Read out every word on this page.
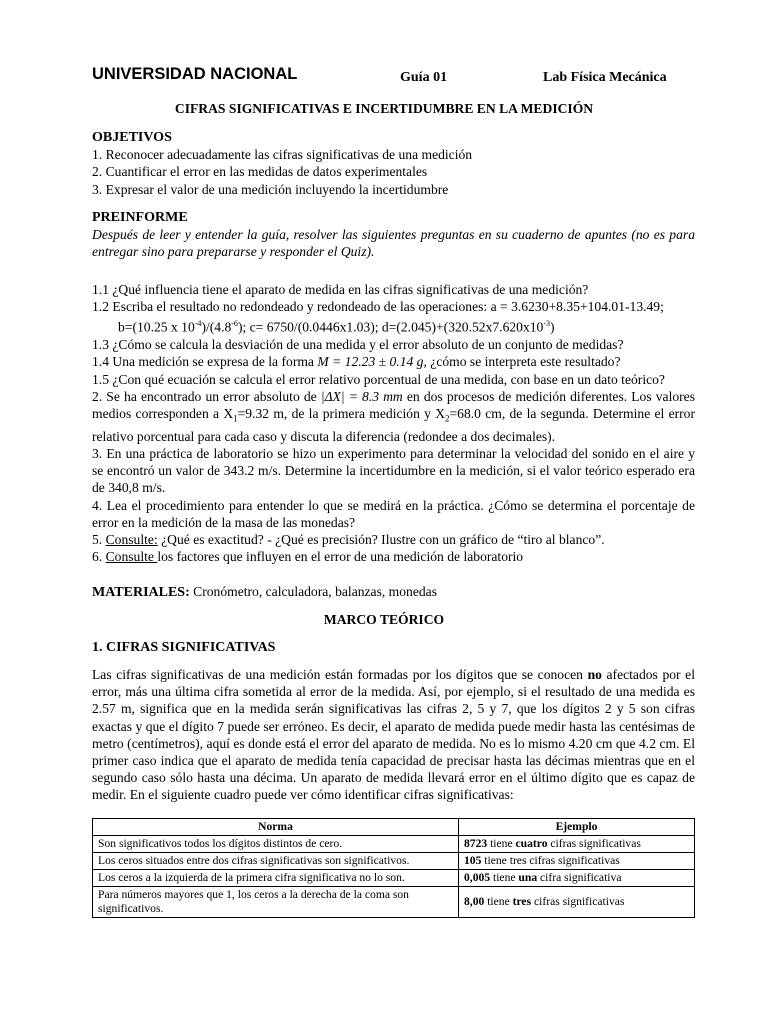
UNIVERSIDAD NACIONAL	Guía 01	Lab Física Mecánica
CIFRAS SIGNIFICATIVAS E INCERTIDUMBRE EN LA MEDICIÓN
OBJETIVOS
1. Reconocer adecuadamente las cifras significativas de una medición
2. Cuantificar el error en las medidas de datos experimentales
3. Expresar el valor de una medición incluyendo la incertidumbre
PREINFORME
Después de leer y entender la guía, resolver las siguientes preguntas en su cuaderno de apuntes (no es para entregar sino para prepararse y responder el Quiz).
1.1 ¿Qué influencia tiene el aparato de medida en las cifras significativas de una medición?
1.2 Escriba el resultado no redondeado y redondeado de las operaciones: a = 3.6230+8.35+104.01-13.49;
b=(10.25 x $10^{-4})/(4.8^{-6})$; c= 6750/(0.0446x1.03); $d=(2.045)+(320.52x7.620x10^{-3})$
1.3 ¿Cómo se calcula la desviación de una medida y el error absoluto de un conjunto de medidas?
1.4 Una medición se expresa de la forma M = 12.23 ± 0.14 g, ¿cómo se interpreta este resultado?
1.5 ¿Con qué ecuación se calcula el error relativo porcentual de una medida, con base en un dato teórico?
2. Se ha encontrado un error absoluto de |ΔX| = 8.3 mm en dos procesos de medición diferentes. Los valores medios corresponden a $X_1=9.32$ m, de la primera medición y $X_2=68.0$ cm, de la segunda. Determine el error relativo porcentual para cada caso y discuta la diferencia (redondee a dos decimales).
3. En una práctica de laboratorio se hizo un experimento para determinar la velocidad del sonido en el aire y se encontró un valor de 343.2 m/s. Determine la incertidumbre en la medición, si el valor teórico esperado era de 340,8 m/s.
4. Lea el procedimiento para entender lo que se medirá en la práctica. ¿Cómo se determina el porcentaje de error en la medición de la masa de las monedas?
5. Consulte: ¿Qué es exactitud? - ¿Qué es precisión? Ilustre con un gráfico de “tiro al blanco”.
6. Consulte los factores que influyen en el error de una medición de laboratorio
MATERIALES: Cronómetro, calculadora, balanzas, monedas
MARCO TEÓRICO
1. CIFRAS SIGNIFICATIVAS
Las cifras significativas de una medición están formadas por los dígitos que se conocen no afectados por el error, más una última cifra sometida al error de la medida. Así, por ejemplo, si el resultado de una medida es 2.57 m, significa que en la medida serán significativas las cifras 2, 5 y 7, que los dígitos 2 y 5 son cifras exactas y que el dígito 7 puede ser erróneo. Es decir, el aparato de medida puede medir hasta las centésimas de metro (centímetros), aquí es donde está el error del aparato de medida. No es lo mismo 4.20 cm que 4.2 cm. El primer caso indica que el aparato de medida tenía capacidad de precisar hasta las décimas mientras que en el segundo caso sólo hasta una décima. Un aparato de medida llevará error en el último dígito que es capaz de medir. En el siguiente cuadro puede ver cómo identificar cifras significativas:
Norma	Ejemplo
Son significativos todos los dígitos distintos de cero.	8723 tiene cuatro cifras significativas
Los ceros situados entre dos cifras significativas son significativos.	105 tiene tres cifras significativas
Los ceros a la izquierda de la primera cifra significativa no lo son.	0,005 tiene una cifra significativa
Para números mayores que 1, los ceros a la derecha de la coma son significativos.	8,00 tiene tres cifras significativas
